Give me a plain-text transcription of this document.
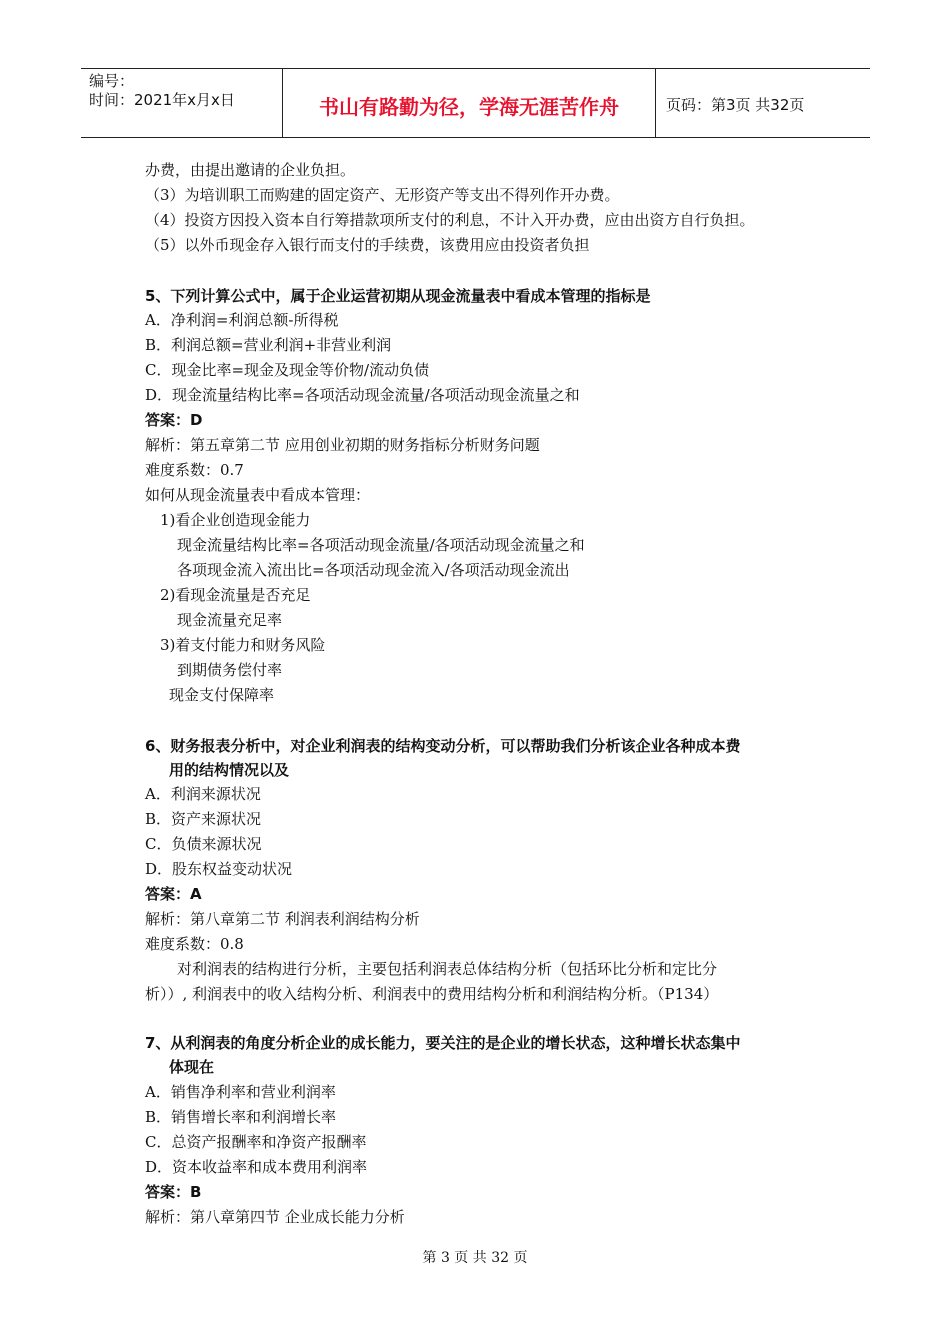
编号：
时间：2021年x月x日	书山有路勤为径，学海无涯苦作舟	页码：第3页 共32页
办费，由提出邀请的企业负担。
（3）为培训职工而购建的固定资产、无形资产等支出不得列作开办费。
（4）投资方因投入资本自行筹措款项所支付的利息，不计入开办费，应由出资方自行负担。
（5）以外币现金存入银行而支付的手续费，该费用应由投资者负担
5、下列计算公式中，属于企业运营初期从现金流量表中看成本管理的指标是
A．净利润=利润总额-所得税
B．利润总额=营业利润+非营业利润
C．现金比率=现金及现金等价物/流动负债
D．现金流量结构比率=各项活动现金流量/各项活动现金流量之和
答案：D
解析：第五章第二节 应用创业初期的财务指标分析财务问题
难度系数：0.7
如何从现金流量表中看成本管理：
1)看企业创造现金能力
现金流量结构比率=各项活动现金流量/各项活动现金流量之和
各项现金流入流出比=各项活动现金流入/各项活动现金流出
2)看现金流量是否充足
现金流量充足率
3)着支付能力和财务风险
到期债务偿付率
现金支付保障率
6、财务报表分析中，对企业利润表的结构变动分析，可以帮助我们分析该企业各种成本费
用的结构情况以及
A．利润来源状况
B．资产来源状况
C．负债来源状况
D．股东权益变动状况
答案：A
解析：第八章第二节 利润表利润结构分析
难度系数：0.8
对利润表的结构进行分析，主要包括利润表总体结构分析（包括环比分析和定比分
析））, 利润表中的收入结构分析、利润表中的费用结构分析和利润结构分析。（P134）
7、从利润表的角度分析企业的成长能力，要关注的是企业的增长状态，这种增长状态集中
体现在
A．销售净利率和营业利润率
B．销售增长率和利润增长率
C．总资产报酬率和净资产报酬率
D．资本收益率和成本费用利润率
答案：B
解析：第八章第四节 企业成长能力分析
第 3 页 共 32 页
